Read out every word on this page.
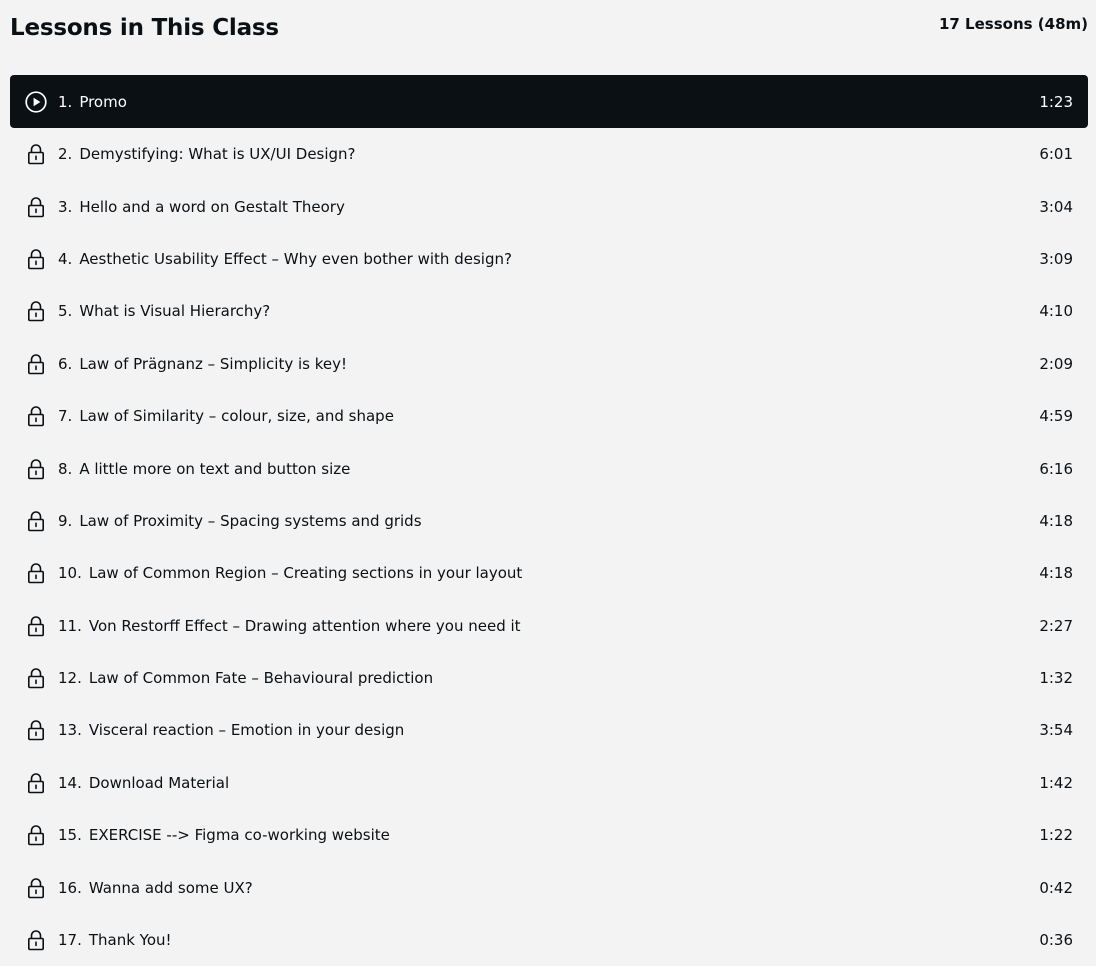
Lessons in This Class	17 Lessons (48m)
1. Promo	1:23
2. Demystifying: What is UX/UI Design?	6:01
3. Hello and a word on Gestalt Theory	3:04
4. Aesthetic Usability Effect – Why even bother with design?	3:09
5. What is Visual Hierarchy?	4:10
6. Law of Prägnanz – Simplicity is key!	2:09
7. Law of Similarity – colour, size, and shape	4:59
8. A little more on text and button size	6:16
9. Law of Proximity – Spacing systems and grids	4:18
10. Law of Common Region – Creating sections in your layout	4:18
11. Von Restorff Effect – Drawing attention where you need it	2:27
12. Law of Common Fate – Behavioural prediction	1:32
13. Visceral reaction – Emotion in your design	3:54
14. Download Material	1:42
15. EXERCISE --> Figma co-working website	1:22
16. Wanna add some UX?	0:42
17. Thank You!	0:36
